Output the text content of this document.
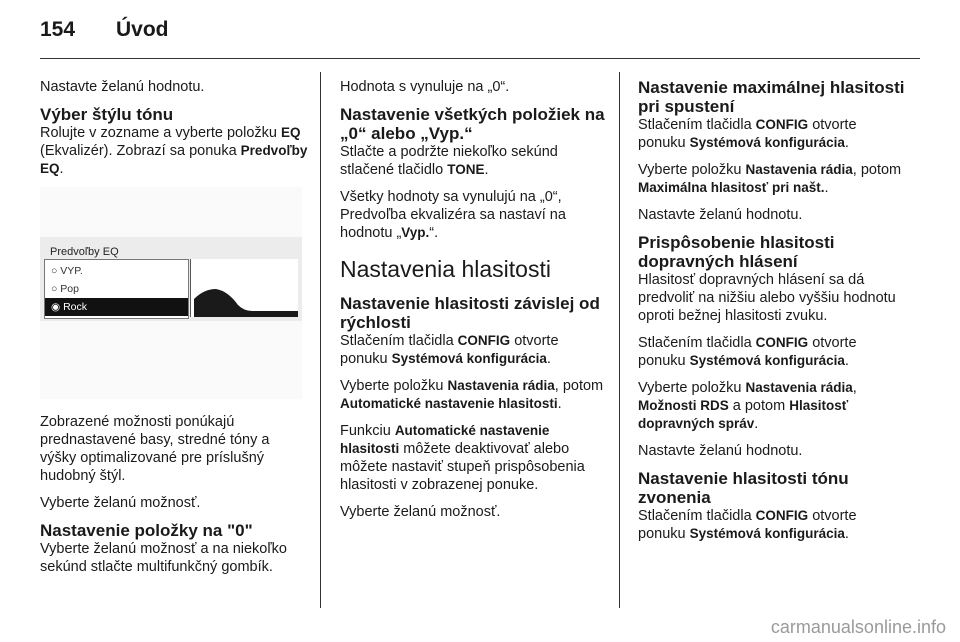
154	Úvod

Nastavte želanú hodnotu.

Výber štýlu tónu

Rolujte v zozname a vyberte položku EQ (Ekvalizér). Zobrazí sa ponuka Predvoľby EQ.

Predvoľby EQ
○ VYP.
○ Pop
◉ Rock

Zobrazené možnosti ponúkajú prednastavené basy, stredné tóny a výšky optimalizované pre príslušný hudobný štýl.

Vyberte želanú možnosť.

Nastavenie položky na "0"

Vyberte želanú možnosť a na niekoľko sekúnd stlačte multifunkčný gombík.

Hodnota s vynuluje na „0“.

Nastavenie všetkých položiek na „0“ alebo „Vyp.“

Stlačte a podržte niekoľko sekúnd stlačené tlačidlo TONE.

Všetky hodnoty sa vynulujú na „0“, Predvoľba ekvalizéra sa nastaví na hodnotu „Vyp.“.

Nastavenia hlasitosti
Nastavenie hlasitosti závislej od rýchlosti

Stlačením tlačidla CONFIG otvorte ponuku Systémová konfigurácia.

Vyberte položku Nastavenia rádia, potom Automatické nastavenie hlasitosti.

Funkciu Automatické nastavenie hlasitosti môžete deaktivovať alebo môžete nastaviť stupeň prispôsobenia hlasitosti v zobrazenej ponuke.

Vyberte želanú možnosť.

Nastavenie maximálnej hlasitosti pri spustení

Stlačením tlačidla CONFIG otvorte ponuku Systémová konfigurácia.

Vyberte položku Nastavenia rádia, potom Maximálna hlasitosť pri našt..

Nastavte želanú hodnotu.

Prispôsobenie hlasitosti dopravných hlásení

Hlasitosť dopravných hlásení sa dá predvoliť na nižšiu alebo vyššiu hodnotu oproti bežnej hlasitosti zvuku.

Stlačením tlačidla CONFIG otvorte ponuku Systémová konfigurácia.

Vyberte položku Nastavenia rádia, Možnosti RDS a potom Hlasitosť dopravných správ.

Nastavte želanú hodnotu.

Nastavenie hlasitosti tónu zvonenia

Stlačením tlačidla CONFIG otvorte ponuku Systémová konfigurácia.

carmanualsonline.info
